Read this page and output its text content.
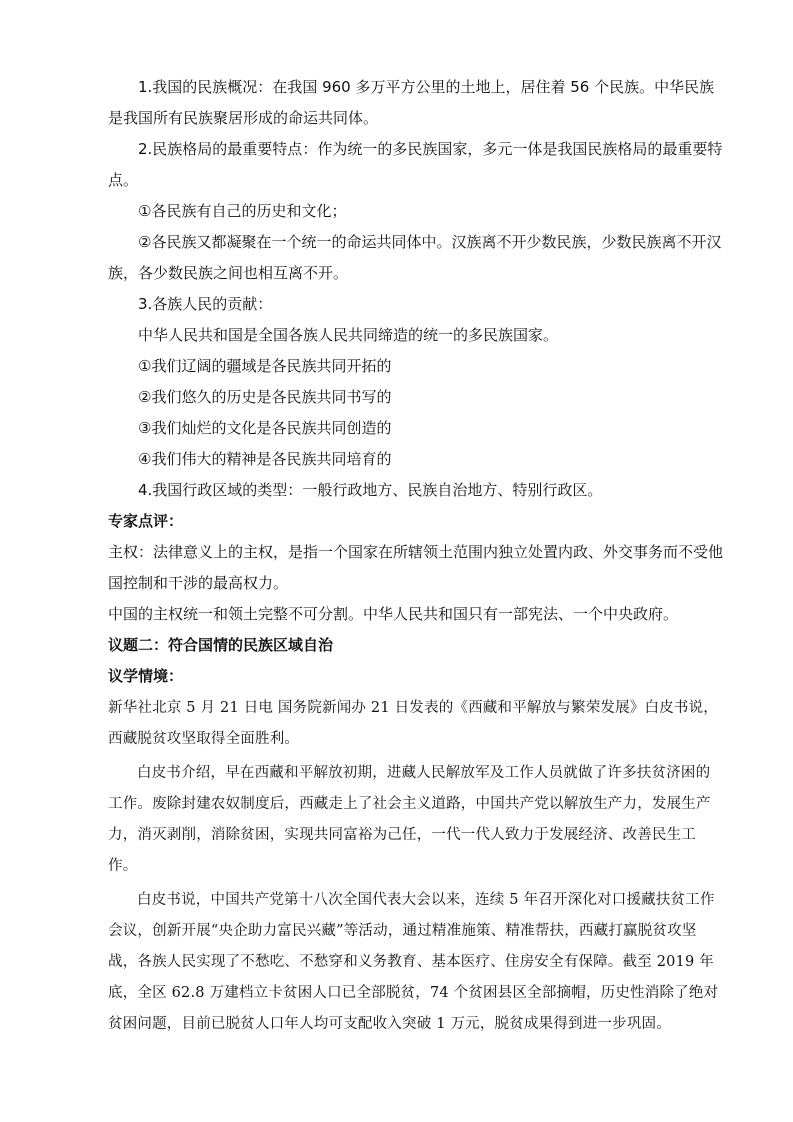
1.我国的民族概况：在我国 960 多万平方公里的土地上，居住着 56 个民族。中华民族是我国所有民族聚居形成的命运共同体。

2.民族格局的最重要特点：作为统一的多民族国家，多元一体是我国民族格局的最重要特点。

①各民族有自己的历史和文化；

②各民族又都凝聚在一个统一的命运共同体中。汉族离不开少数民族，少数民族离不开汉族，各少数民族之间也相互离不开。

3.各族人民的贡献：

中华人民共和国是全国各族人民共同缔造的统一的多民族国家。

①我们辽阔的疆域是各民族共同开拓的

②我们悠久的历史是各民族共同书写的

③我们灿烂的文化是各民族共同创造的

④我们伟大的精神是各民族共同培育的

4.我国行政区域的类型：一般行政地方、民族自治地方、特别行政区。

专家点评：

主权：法律意义上的主权，是指一个国家在所辖领土范围内独立处置内政、外交事务而不受他国控制和干涉的最高权力。

中国的主权统一和领土完整不可分割。中华人民共和国只有一部宪法、一个中央政府。

议题二：符合国情的民族区域自治

议学情境：

新华社北京 5 月 21 日电 国务院新闻办 21 日发表的《西藏和平解放与繁荣发展》白皮书说，西藏脱贫攻坚取得全面胜利。

白皮书介绍，早在西藏和平解放初期，进藏人民解放军及工作人员就做了许多扶贫济困的工作。废除封建农奴制度后，西藏走上了社会主义道路，中国共产党以解放生产力，发展生产力，消灭剥削，消除贫困，实现共同富裕为己任，一代一代人致力于发展经济、改善民生工作。

白皮书说，中国共产党第十八次全国代表大会以来，连续 5 年召开深化对口援藏扶贫工作会议，创新开展“央企助力富民兴藏”等活动，通过精准施策、精准帮扶，西藏打赢脱贫攻坚战，各族人民实现了不愁吃、不愁穿和义务教育、基本医疗、住房安全有保障。截至 2019 年底，全区 62.8 万建档立卡贫困人口已全部脱贫，74 个贫困县区全部摘帽，历史性消除了绝对贫困问题，目前已脱贫人口年人均可支配收入突破 1 万元，脱贫成果得到进一步巩固。
